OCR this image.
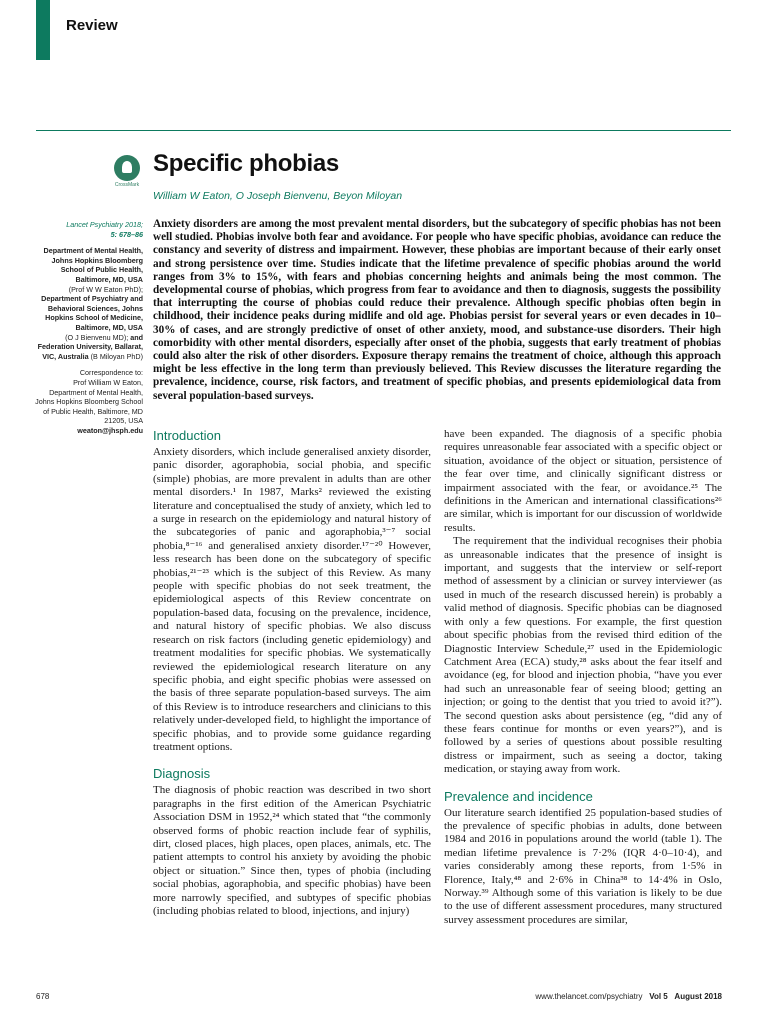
Review
CrossMark
Specific phobias
William W Eaton, O Joseph Bienvenu, Beyon Miloyan
Lancet Psychiatry 2018;
5: 678–86
Department of Mental Health, Johns Hopkins Bloomberg School of Public Health, Baltimore, MD, USA
(Prof W W Eaton PhD);
Department of Psychiatry and Behavioral Sciences, Johns Hopkins School of Medicine, Baltimore, MD, USA
(O J Bienvenu MD); and
Federation University, Ballarat, VIC, Australia (B Miloyan PhD)
Correspondence to:
Prof William W Eaton,
Department of Mental Health, Johns Hopkins Bloomberg School of Public Health, Baltimore, MD 21205, USA
weaton@jhsph.edu

Anxiety disorders are among the most prevalent mental disorders, but the subcategory of specific phobias has not been well studied. Phobias involve both fear and avoidance. For people who have specific phobias, avoidance can reduce the constancy and severity of distress and impairment. However, these phobias are important because of their early onset and strong persistence over time. Studies indicate that the lifetime prevalence of specific phobias around the world ranges from 3% to 15%, with fears and phobias concerning heights and animals being the most common. The developmental course of phobias, which progress from fear to avoidance and then to diagnosis, suggests the possibility that interrupting the course of phobias could reduce their prevalence. Although specific phobias often begin in childhood, their incidence peaks during midlife and old age. Phobias persist for several years or even decades in 10–30% of cases, and are strongly predictive of onset of other anxiety, mood, and substance-use disorders. Their high comorbidity with other mental disorders, especially after onset of the phobia, suggests that early treatment of phobias could also alter the risk of other disorders. Exposure therapy remains the treatment of choice, although this approach might be less effective in the long term than previously believed. This Review discusses the literature regarding the prevalence, incidence, course, risk factors, and treatment of specific phobias, and presents epidemiological data from several population-based surveys.

Introduction

Anxiety disorders, which include generalised anxiety disorder, panic disorder, agoraphobia, social phobia, and specific (simple) phobias, are more prevalent in adults than are other mental disorders.¹ In 1987, Marks² reviewed the existing literature and conceptualised the study of anxiety, which led to a surge in research on the epidemiology and natural history of the subcategories of panic and agoraphobia,³⁻⁷ social phobia,⁸⁻¹⁶ and generalised anxiety disorder.¹⁷⁻²⁰ However, less research has been done on the subcategory of specific phobias,²¹⁻²³ which is the subject of this Review. As many people with specific phobias do not seek treatment, the epidemiological aspects of this Review concentrate on population-based data, focusing on the prevalence, incidence, and natural history of specific phobias. We also discuss research on risk factors (including genetic epidemiology) and treatment modalities for specific phobias. We systematically reviewed the epidemiological research literature on any specific phobia, and eight specific phobias were assessed on the basis of three separate population-based surveys. The aim of this Review is to introduce researchers and clinicians to this relatively under-developed field, to highlight the importance of specific phobias, and to provide some guidance regarding treatment options.

Diagnosis

The diagnosis of phobic reaction was described in two short paragraphs in the first edition of the American Psychiatric Association DSM in 1952,²⁴ which stated that “the commonly observed forms of phobic reaction include fear of syphilis, dirt, closed places, high places, open places, animals, etc. The patient attempts to control his anxiety by avoiding the phobic object or situation.” Since then, types of phobia (including social phobias, agoraphobia, and specific phobias) have been more narrowly specified, and subtypes of specific phobias (including phobias related to blood, injections, and injury)

have been expanded. The diagnosis of a specific phobia requires unreasonable fear associated with a specific object or situation, avoidance of the object or situation, persistence of the fear over time, and clinically significant distress or impairment associated with the fear, or avoidance.²⁵ The definitions in the American and international classifications²⁶ are similar, which is important for our discussion of worldwide results.

The requirement that the individual recognises their phobia as unreasonable indicates that the presence of insight is important, and suggests that the interview or self-report method of assessment by a clinician or survey interviewer (as used in much of the research discussed herein) is probably a valid method of diagnosis. Specific phobias can be diagnosed with only a few questions. For example, the first question about specific phobias from the revised third edition of the Diagnostic Interview Schedule,²⁷ used in the Epidemiologic Catchment Area (ECA) study,²⁸ asks about the fear itself and avoidance (eg, for blood and injection phobia, “have you ever had such an unreasonable fear of seeing blood; getting an injection; or going to the dentist that you tried to avoid it?”). The second question asks about persistence (eg, “did any of these fears continue for months or even years?”), and is followed by a series of questions about possible resulting distress or impairment, such as seeing a doctor, taking medication, or staying away from work.

Prevalence and incidence

Our literature search identified 25 population-based studies of the prevalence of specific phobias in adults, done between 1984 and 2016 in populations around the world (table 1). The median lifetime prevalence is 7·2% (IQR 4·0–10·4), and varies considerably among these reports, from 1·5% in Florence, Italy,⁴⁸ and 2·6% in China³⁸ to 14·4% in Oslo, Norway.³⁹ Although some of this variation is likely to be due to the use of different assessment procedures, many structured survey assessment procedures are similar,

678	www.thelancet.com/psychiatry Vol 5 August 2018
